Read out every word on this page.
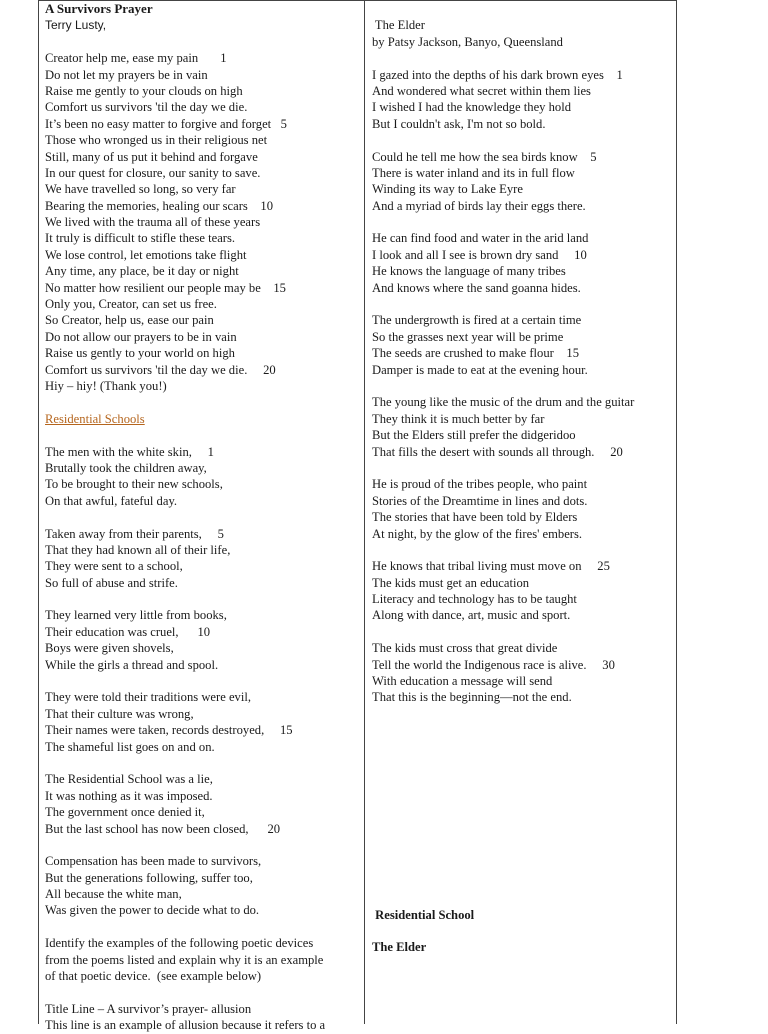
A Survivors Prayer
Terry Lusty,
Creator help me, ease my pain       1
Do not let my prayers be in vain
Raise me gently to your clouds on high
Comfort us survivors 'til the day we die.
It’s been no easy matter to forgive and forget   5
Those who wronged us in their religious net
Still, many of us put it behind and forgave
In our quest for closure, our sanity to save.
We have travelled so long, so very far
Bearing the memories, healing our scars    10
We lived with the trauma all of these years
It truly is difficult to stifle these tears.
We lose control, let emotions take flight
Any time, any place, be it day or night
No matter how resilient our people may be    15
Only you, Creator, can set us free.
So Creator, help us, ease our pain
Do not allow our prayers to be in vain
Raise us gently to your world on high
Comfort us survivors 'til the day we die.     20
Hiy – hiy! (Thank you!)
Residential Schools
The men with the white skin,     1
Brutally took the children away,
To be brought to their new schools,
On that awful, fateful day.
Taken away from their parents,     5
That they had known all of their life,
They were sent to a school,
So full of abuse and strife.
They learned very little from books,
Their education was cruel,      10
Boys were given shovels,
While the girls a thread and spool.
They were told their traditions were evil,
That their culture was wrong,
Their names were taken, records destroyed,     15
The shameful list goes on and on.
The Residential School was a lie,
It was nothing as it was imposed.
The government once denied it,
But the last school has now been closed,      20
Compensation has been made to survivors,
But the generations following, suffer too,
All because the white man,
Was given the power to decide what to do.
Identify the examples of the following poetic devices
from the poems listed and explain why it is an example
of that poetic device.  (see example below)
Title Line – A survivor’s prayer- allusion
This line is an example of allusion because it refers to a
The Elder
by Patsy Jackson, Banyo, Queensland
I gazed into the depths of his dark brown eyes    1
And wondered what secret within them lies
I wished I had the knowledge they hold
But I couldn't ask, I'm not so bold.
Could he tell me how the sea birds know    5
There is water inland and its in full flow
Winding its way to Lake Eyre
And a myriad of birds lay their eggs there.
He can find food and water in the arid land
I look and all I see is brown dry sand     10
He knows the language of many tribes
And knows where the sand goanna hides.
The undergrowth is fired at a certain time
So the grasses next year will be prime
The seeds are crushed to make flour    15
Damper is made to eat at the evening hour.
The young like the music of the drum and the guitar
They think it is much better by far
But the Elders still prefer the didgeridoo
That fills the desert with sounds all through.     20
He is proud of the tribes people, who paint
Stories of the Dreamtime in lines and dots.
The stories that have been told by Elders
At night, by the glow of the fires' embers.
He knows that tribal living must move on     25
The kids must get an education
Literacy and technology has to be taught
Along with dance, art, music and sport.
The kids must cross that great divide
Tell the world the Indigenous race is alive.     30
With education a message will send
That this is the beginning—not the end.
Residential School
The Elder
